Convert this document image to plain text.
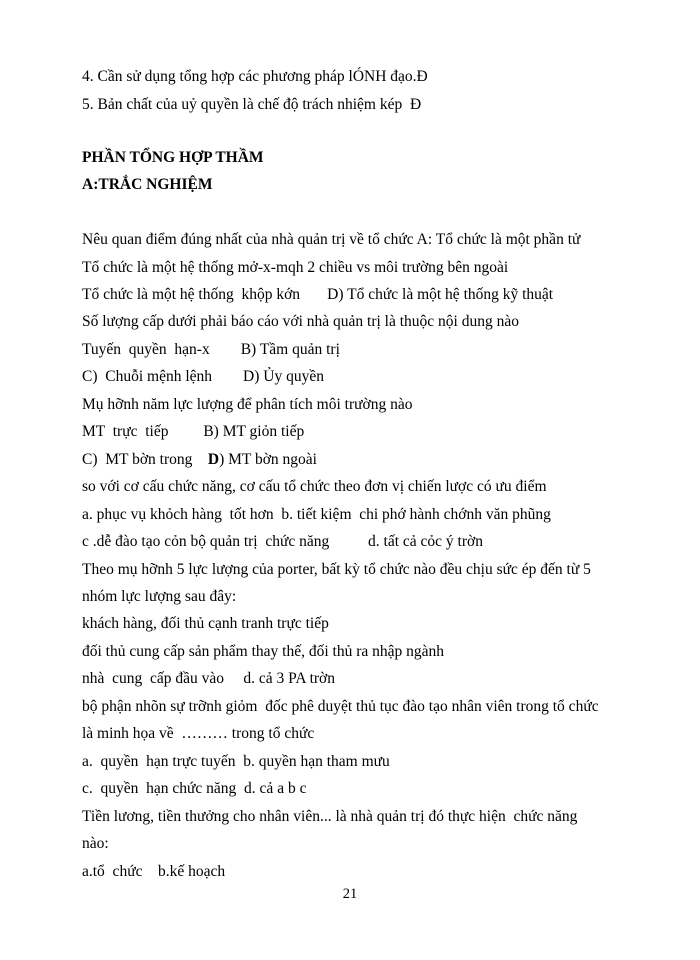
4. Cần sử dụng tổng hợp các phương pháp lÓNH đạo.Đ
5. Bản chất của uỷ quyền là chế độ trách nhiệm kép  Đ
PHẦN TỔNG HỢP THẦM
A:TRẮC NGHIỆM
Nêu quan điểm đúng nhất của nhà quản trị về tổ chức A: Tổ chức là một phần tử
Tổ chức là một hệ thống mở-x-mqh 2 chiều vs môi trường bên ngoài
Tổ chức là một hệ thống  khộp kớn       D) Tổ chức là một hệ thống kỹ thuật
Số lượng cấp dưới phải báo cáo với nhà quản trị là thuộc nội dung nào
Tuyến  quyền  hạn-x        B) Tầm quản trị
C)  Chuỗi mệnh lệnh        D) Ủy quyền
Mụ hỡnh năm lực lượng để phân tích môi trường nào
MT  trực  tiếp         B) MT giỏn tiếp
C)  MT bờn trong D) MT bờn ngoài
so với cơ cấu chức năng, cơ cấu tổ chức theo đơn vị chiến lược có ưu điểm
a. phục vụ khỏch hàng  tốt hơn  b. tiết kiệm  chi phớ hành chớnh văn phũng
c .dễ đào tạo cỏn bộ quản trị  chức năng          d. tất cả cỏc ý trờn
Theo mụ hỡnh 5 lực lượng của porter, bất kỳ tổ chức nào đều chịu sức ép đến từ 5
nhóm lực lượng sau đây:
khách hàng, đối thủ cạnh tranh trực tiếp
đối thủ cung cấp sản phẩm thay thế, đối thủ ra nhập ngành
nhà  cung  cấp đầu vào     d. cả 3 PA trờn
bộ phận nhõn sự trỡnh giỏm  đốc phê duyệt thủ tục đào tạo nhân viên trong tổ chức
là minh họa về  ……… trong tổ chức
a.  quyền  hạn trực tuyến  b. quyền hạn tham mưu
c.  quyền  hạn chức năng  d. cả a b c
Tiền lương, tiền thưởng cho nhân viên... là nhà quản trị đó thực hiện  chức năng
nào:
a.tổ  chức    b.kế hoạch
21
